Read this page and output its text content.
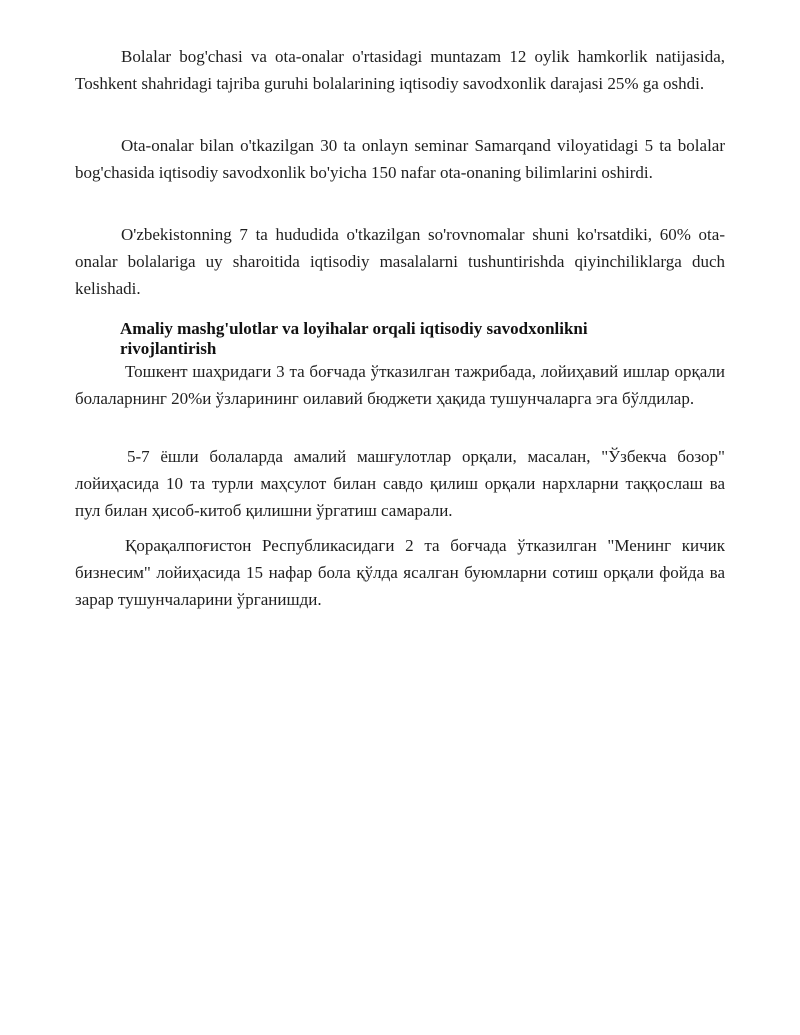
Bolalar bog'chasi va ota-onalar o'rtasidagi muntazam 12 oylik hamkorlik natijasida, Toshkent shahridagi tajriba guruhi bolalarining iqtisodiy savodxonlik darajasi 25% ga oshdi.

Ota-onalar bilan o'tkazilgan 30 ta onlayn seminar Samarqand viloyatidagi 5 ta bolalar bog'chasida iqtisodiy savodxonlik bo'yicha 150 nafar ota-onaning bilimlarini oshirdi.

O'zbekistonning 7 ta hududida o'tkazilgan so'rovnomalar shuni ko'rsatdiki, 60% ota-onalar bolalariga uy sharoitida iqtisodiy masalalarni tushuntirishda qiyinchiliklarga duch kelishadi.

Amaliy mashg'ulotlar va loyihalar orqali iqtisodiy savodxonlikni rivojlantirish

Тошкент шаҳридаги 3 та боғчада ўтказилган тажрибада, лойиҳавий ишлар орқали болаларнинг 20%и ўзларининг оилавий бюджети ҳақида тушунчаларга эга бўлдилар.

5-7 ёшли болаларда амалий машғулотлар орқали, масалан, "Ўзбекча бозор" лойиҳасида 10 та турли маҳсулот билан савдо қилиш орқали нархларни таққослаш ва пул билан ҳисоб-китоб қилишни ўргатиш самарали.

Қорақалпоғистон Республикасидаги 2 та боғчада ўтказилган "Менинг кичик бизнесим" лойиҳасида 15 нафар бола қўлда ясалган буюмларни сотиш орқали фойда ва зарар тушунчаларини ўрганишди.
